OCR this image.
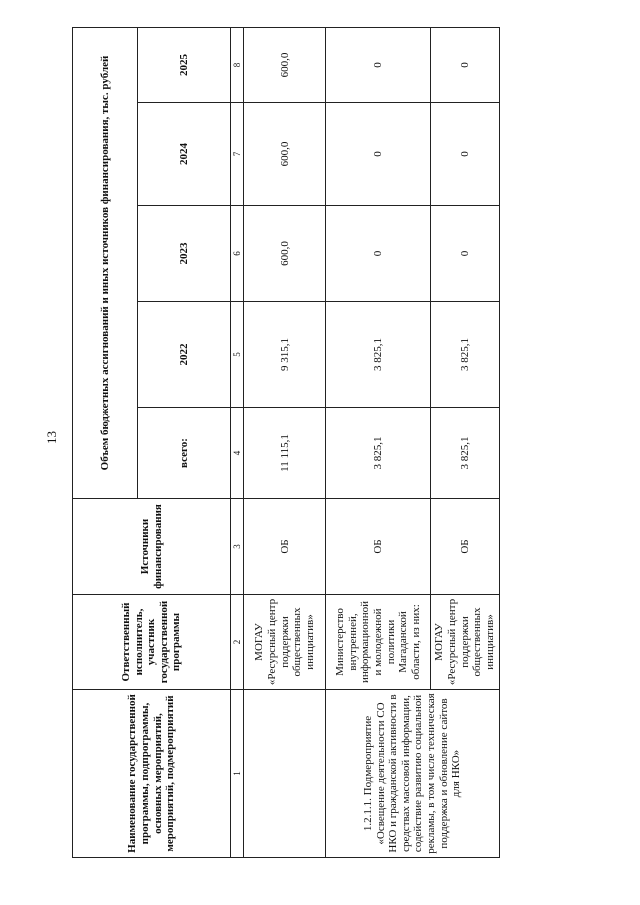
13
Наименование государственной программы, подпрограммы, основных мероприятий, мероприятий, подмероприятий	Ответственный исполнитель, участник государственной программы	Источники финансирования	Объем бюджетных ассигнований и иных источников финансирования, тыс. рублей				
			всего:	2022	2023	2024	2025
1	2	3	4	5	6	7	8
	МОГАУ «Ресурсный центр поддержки общественных инициатив»	ОБ	11 115,1	9 315,1	600,0	600,0	600,0
1.2.1.1. Подмероприятие «Освещение деятельности СО НКО и гражданской активности в средствах массовой информации, содействие развитию социальной рекламы, в том числе техническая поддержка и обновление сайтов для НКО»	Министерство внутренней, информационной и молодежной политики Магаданской области, из них:	ОБ	3 825,1	3 825,1	0	0	0
	МОГАУ «Ресурсный центр поддержки общественных инициатив»	ОБ	3 825,1	3 825,1	0	0	0
